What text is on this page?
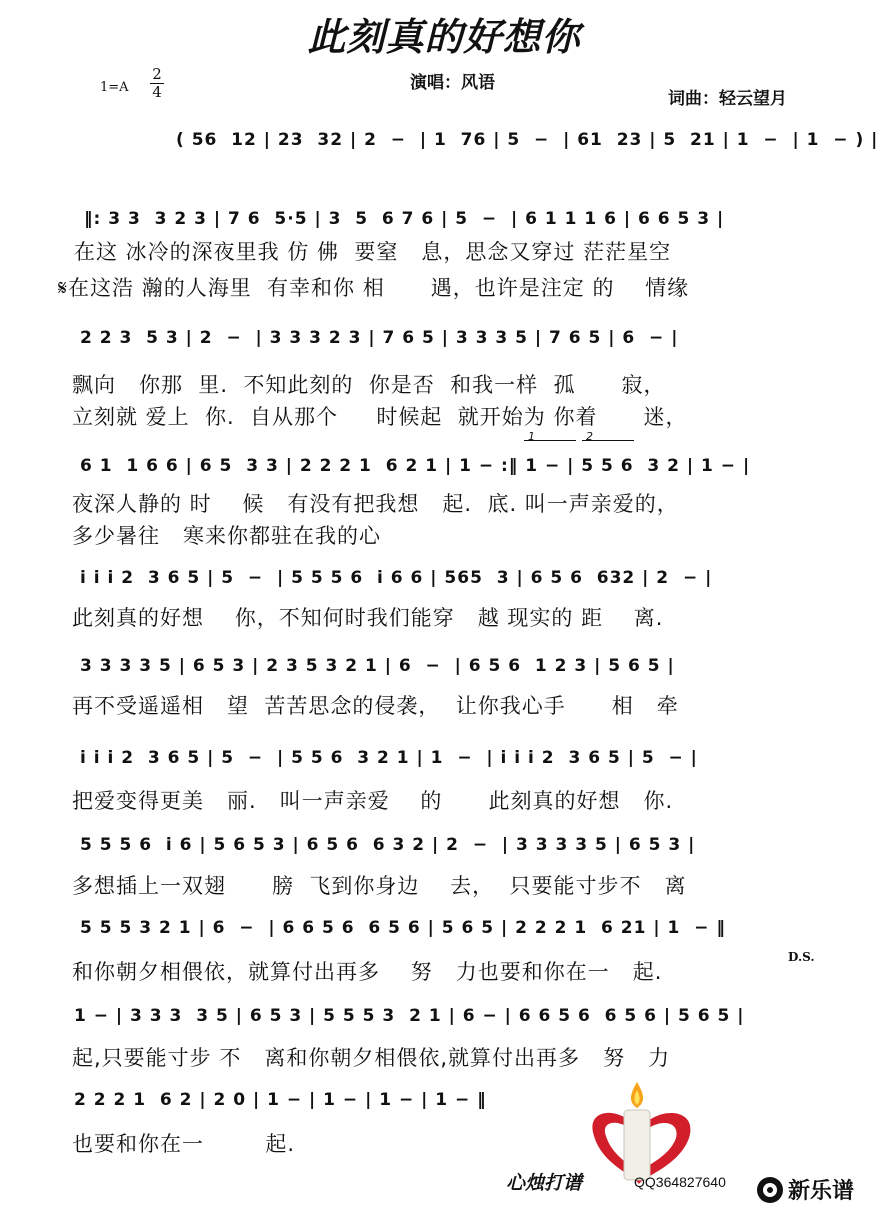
此刻真的好想你
1=A
2
4	演唱：风语
词曲：轻云望月
( 56  12 | 23  32 | 2  −  | 1  76 | 5  −  | 61  23 | 5  21 | 1  −  | 1  − ) |
‖: 3 3  3 2 3 | 7 6  5·5 | 3  5  6 7 6 | 5  −  | 6 1 1 1 6 | 6 6 5 3 |
在这 冰冷的深夜里我 仿 佛  要窒   息，思念又穿过 茫茫星空
𝄋在这浩 瀚的人海里  有幸和你 相      遇，也许是注定 的    情缘
2 2 3  5 3 | 2  −  | 3 3 3 2 3 | 7 6 5 | 3 3 3 5 | 7 6 5 | 6  − |
飘向   你那  里.  不知此刻的  你是否  和我一样  孤      寂，
立刻就 爱上  你.  自从那个     时候起  就开始为 你着      迷，
6 1  1 6 6 | 6 5  3 3 | 2 2 2 1  6 2 1 | 1 − :‖ 1 − | 5 5 6  3 2 | 1 − |
夜深人静的 时    候   有没有把我想   起.  底. 叫一声亲爱的，
多少暑往   寒来你都驻在我的心
i i i 2  3 6 5 | 5  −  | 5 5 5 6  i 6 6 | 565  3 | 6 5 6  632 | 2  − |
此刻真的好想    你，不知何时我们能穿   越 现实的 距    离.
3 3 3 3 5 | 6 5 3 | 2 3 5 3 2 1 | 6  −  | 6 5 6  1 2 3 | 5 6 5 |
再不受遥遥相   望  苦苦思念的侵袭，  让你我心手      相   牵
i i i 2  3 6 5 | 5  −  | 5 5 6  3 2 1 | 1  −  | i i i 2  3 6 5 | 5  − |
把爱变得更美   丽.   叫一声亲爱    的      此刻真的好想   你.
5 5 5 6  i 6 | 5 6 5 3 | 6 5 6  6 3 2 | 2  −  | 3 3 3 3 5 | 6 5 3 |
多想插上一双翅      膀  飞到你身边    去，  只要能寸步不   离
5 5 5 3 2 1 | 6  −  | 6 6 5 6  6 5 6 | 5 6 5 | 2 2 2 1  6 21 | 1  − ‖
和你朝夕相偎依，就算付出再多    努   力也要和你在一   起.
D.S.
1 − | 3 3 3  3 5 | 6 5 3 | 5 5 5 3  2 1 | 6 − | 6 6 5 6  6 5 6 | 5 6 5 |
起,只要能寸步 不   离和你朝夕相偎依,就算付出再多   努   力
2 2 2 1  6 2 | 2 0 | 1 − | 1 − | 1 − | 1 − ‖
也要和你在一        起.
1	2
心烛打谱	QQ364827640	新乐谱
